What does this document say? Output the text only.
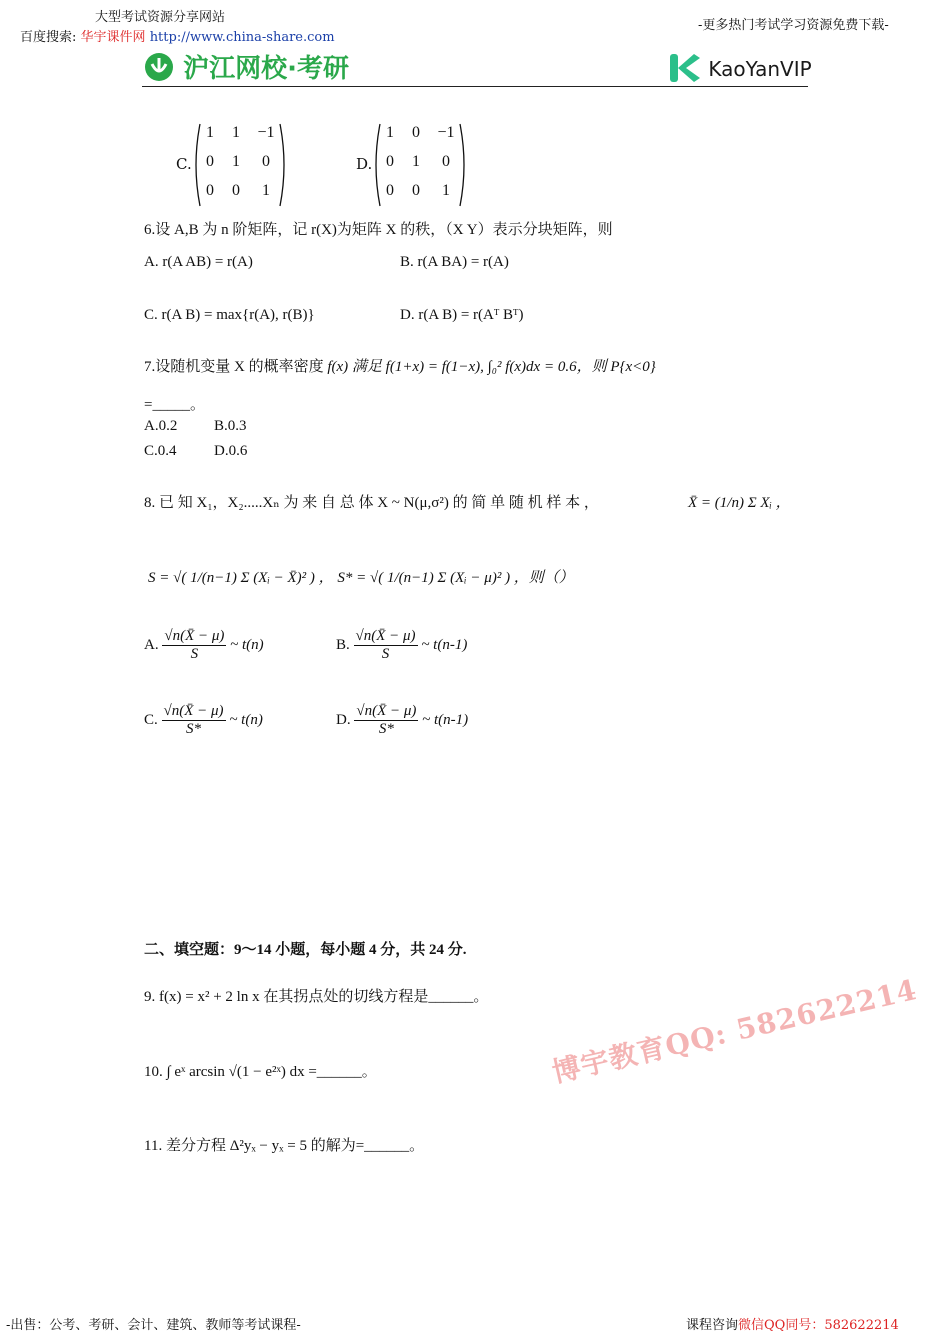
大型考试资源分享网站
百度搜索: 华宇课件网 http://www.china-share.com
-更多热门考试学习资源免费下载-
沪江网校·考研	KaoYanVIP
C.
1	1	−1
0	1	0
0	0	1
D.
1	0	−1
0	1	0
0	0	1
6.设 A,B 为 n 阶矩阵，记 r(X)为矩阵 X 的秩，（X Y）表示分块矩阵，则
A. r(A AB) = r(A)	B. r(A BA) = r(A)
C. r(A B) = max{r(A), r(B)}	D. r(A B) = r(Aᵀ Bᵀ)
7.设随机变量 X 的概率密度 f(x) 满足 f(1+x) = f(1−x), ∫₀² f(x)dx = 0.6，则 P{x<0}
=_____。
A.0.2 B.0.3
C.0.4 D.0.6
8. 已 知 X₁，X₂.....Xₙ 为 来 自 总 体 X ~ N(μ,σ²) 的 简 单 随 机 样 本 ，	X̄ = (1/n) Σ Xᵢ ，
S = √( 1/(n−1) Σ (Xᵢ − X̄)² ) ， S* = √( 1/(n−1) Σ (Xᵢ − μ)² ) ，则（）
A. $\frac{√n(X̄ - \mu)}{S}$ ~ t(n)	B. $\frac{√n(X̄ - \mu)}{S}$ ~ t(n-1)
C. $\frac{√n(X̄ - \mu)}{S*}$ ~ t(n)	D. $\frac{√n(X̄ - \mu)}{S*}$ ~ t(n-1)
二、填空题：9～14 小题，每小题 4 分，共 24 分.
9. f(x) = x² + 2 ln x 在其拐点处的切线方程是______。
10. ∫ eˣ arcsin √(1 − e²ˣ) dx =______。
11. 差分方程 Δ²yₓ − yₓ = 5 的解为=______。
博宇教育QQ: 582622214
-出售：公考、考研、会计、建筑、教师等考试课程-	课程咨询微信QQ同号：582622214
